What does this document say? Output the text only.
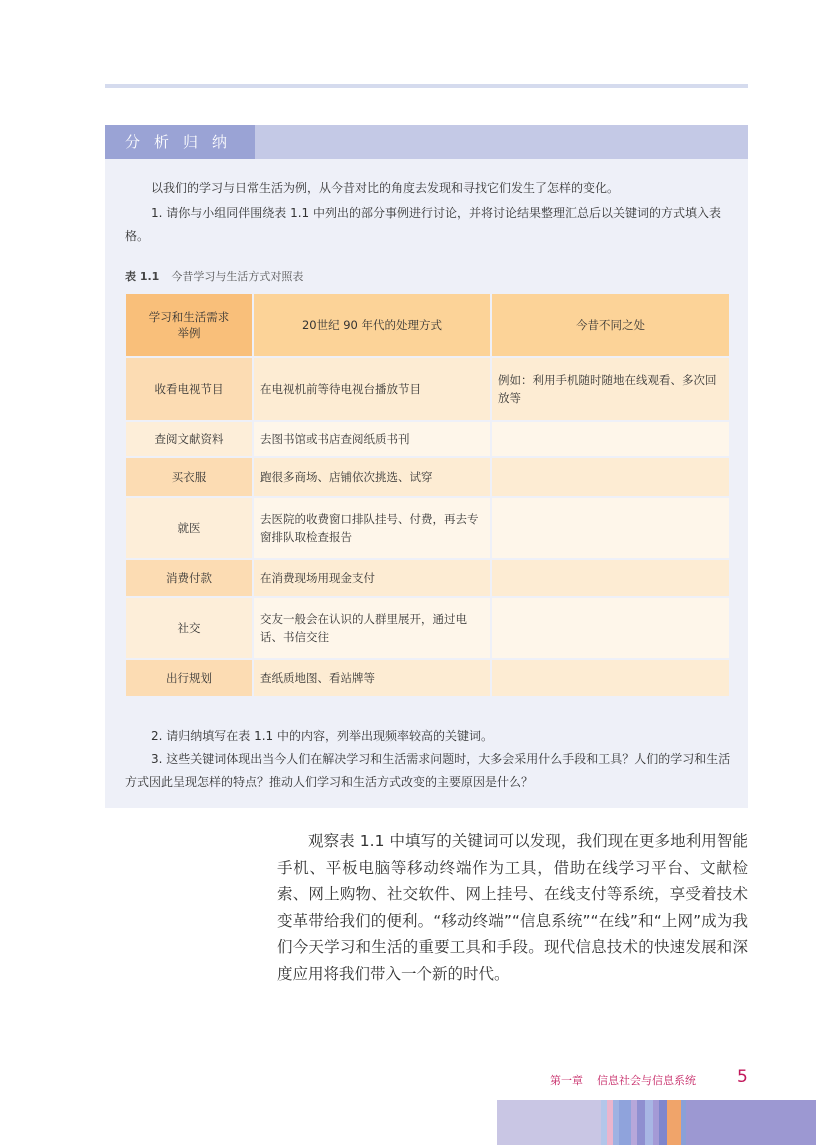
分析归纳
以我们的学习与日常生活为例，从今昔对比的角度去发现和寻找它们发生了怎样的变化。
1. 请你与小组同伴围绕表 1.1 中列出的部分事例进行讨论，并将讨论结果整理汇总后以关键词的方式填入表格。
表 1.1 今昔学习与生活方式对照表
学习和生活需求举例	20世纪 90 年代的处理方式	今昔不同之处
收看电视节目	在电视机前等待电视台播放节目	例如：利用手机随时随地在线观看、多次回放等
查阅文献资料	去图书馆或书店查阅纸质书刊	
买衣服	跑很多商场、店铺依次挑选、试穿	
就医	去医院的收费窗口排队挂号、付费，再去专窗排队取检查报告	
消费付款	在消费现场用现金支付	
社交	交友一般会在认识的人群里展开，通过电话、书信交往	
出行规划	查纸质地图、看站牌等	
2. 请归纳填写在表 1.1 中的内容，列举出现频率较高的关键词。
3. 这些关键词体现出当今人们在解决学习和生活需求问题时，大多会采用什么手段和工具？人们的学习和生活方式因此呈现怎样的特点？推动人们学习和生活方式改变的主要原因是什么？
观察表 1.1 中填写的关键词可以发现，我们现在更多地利用智能手机、平板电脑等移动终端作为工具，借助在线学习平台、文献检索、网上购物、社交软件、网上挂号、在线支付等系统，享受着技术变革带给我们的便利。“移动终端”“信息系统”“在线”和“上网”成为我们今天学习和生活的重要工具和手段。现代信息技术的快速发展和深度应用将我们带入一个新的时代。
第一章 信息社会与信息系统 5
